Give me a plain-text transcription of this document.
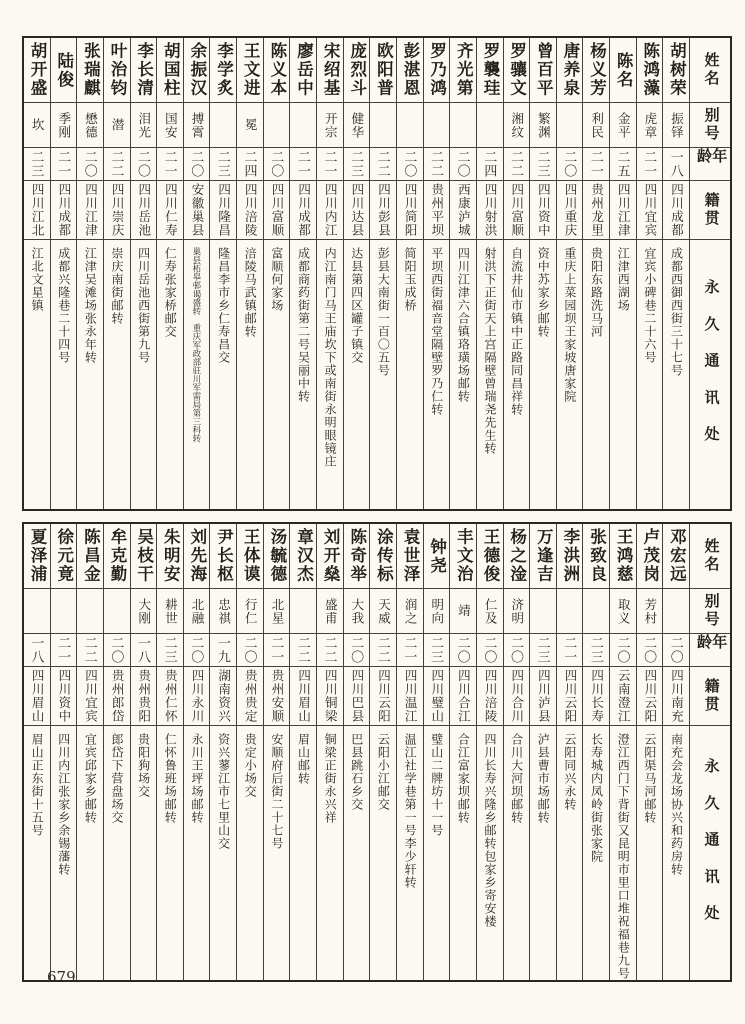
姓名
别号
年龄
籍贯
永久通讯处
胡树荣
振铎
一八
四川成都
成都西御西街三十七号
陈鸿藻
虎章
二一
四川宜宾
宜宾小碑巷二十六号
陈名
金平
二五
四川江津
江津西湖场
杨义芳
利民
二一
贵州龙里
贵阳东路洗马河
唐养泉
二〇
四川重庆
重庆上菜园坝王家坡唐家院
曾百平
繁渊
二三
四川资中
资中苏家乡邮转
罗骧文
湘纹
二二
四川富顺
自流井仙市镇中正路同昌祥转
罗襲珪
二四
四川射洪
射洪下正街天上宫隔壁曾瑞尧先生转
齐光第
二〇
西康泸城
四川江津六合镇珞璜场邮转
罗乃鸿
二二
贵州平坝
平坝西街福音堂隔壁罗乃仁转
彭湛恩
二〇
四川简阳
简阳玉成桥
欧阳普
二二
四川彭县
彭县大南街一百〇五号
庞烈斗
健华
二三
四川达县
达县第四区罐子镇交
宋绍基
开宗
二一
四川内江
内江南门马王庙坎下或南街永明眼镜庄
廖岳中
二一
四川成都
成都商药街第二号吴丽中转
陈义本
二〇
四川富顺
富顺何家场
王文进
冕
二四
四川涪陵
涪陵马武镇邮转
李学炙
二三
四川隆昌
隆昌李市乡仁寿昌交
余振汉
搏霄
二〇
安徽巢县
巢县柘皋邨谒盛转　重庆军政部驻川军需局第三科转
胡国柱
国安
二一
四川仁寿
仁寿张家桥邮交
李长清
泪光
二〇
四川岳池
四川岳池西街第九号
叶治钧
潜
二二
四川崇庆
崇庆南街邮转
张瑞麒
懋德
二〇
四川江津
江津吴滩场张永年转
陆俊
季刚
二一
四川成都
成都兴隆巷二十四号
胡开盛
坎
二三
四川江北
江北文星镇
姓名
别号
年龄
籍贯
永久通讯处
邓宏远
二〇
四川南充
南充会龙场协兴和药房转
卢茂岗
芳村
二〇
四川云阳
云阳渠马河邮转
王鸿慈
取义
二〇
云南澄江
澄江西门下背街又昆明市里口堆祝福巷九号
张致良
二三
四川长寿
长寿城内凤岭街张家院
李洪洲
二一
四川云阳
云阳同兴永转
万逢吉
二三
四川泸县
泸县曹市场邮转
杨之淦
济明
二〇
四川合川
合川大河坝邮转
王德俊
仁及
二〇
四川涪陵
四川长寿兴隆乡邮转包家乡寄安楼
丰文治
靖
二〇
四川合江
合江富家坝邮转
钟尧
明向
二三
四川璧山
璧山二牌坊十一号
袁世泽
润之
二一
四川温江
温江社学巷第一号李少轩转
涂传标
天威
二二
四川云阳
云阳小江邮交
陈奇举
大我
二〇
四川巴县
巴县跳石乡交
刘开燊
盛甫
二二
四川铜梁
铜梁正街永兴祥
章汉杰
二二
四川眉山
眉山邮转
汤毓德
北星
二一
贵州安顺
安顺府后街二十七号
王体谟
行仁
二〇
贵州贵定
贵定小场交
尹长枢
忠祺
一九
湖南资兴
资兴蓼江市七里山交
刘先海
北融
二〇
四川永川
永川王坪场邮转
朱明安
耕世
二三
贵州仁怀
仁怀鲁班场邮转
吴枝干
大刚
一八
贵州贵阳
贵阳狗场交
牟克勤
二〇
贵州郎岱
郎岱下营盘场交
陈昌金
二二
四川宜宾
宜宾邱家乡邮转
徐元竟
二一
四川资中
四川内江张家乡余锡藩转
夏泽浦
一八
四川眉山
眉山正东街十五号
679
